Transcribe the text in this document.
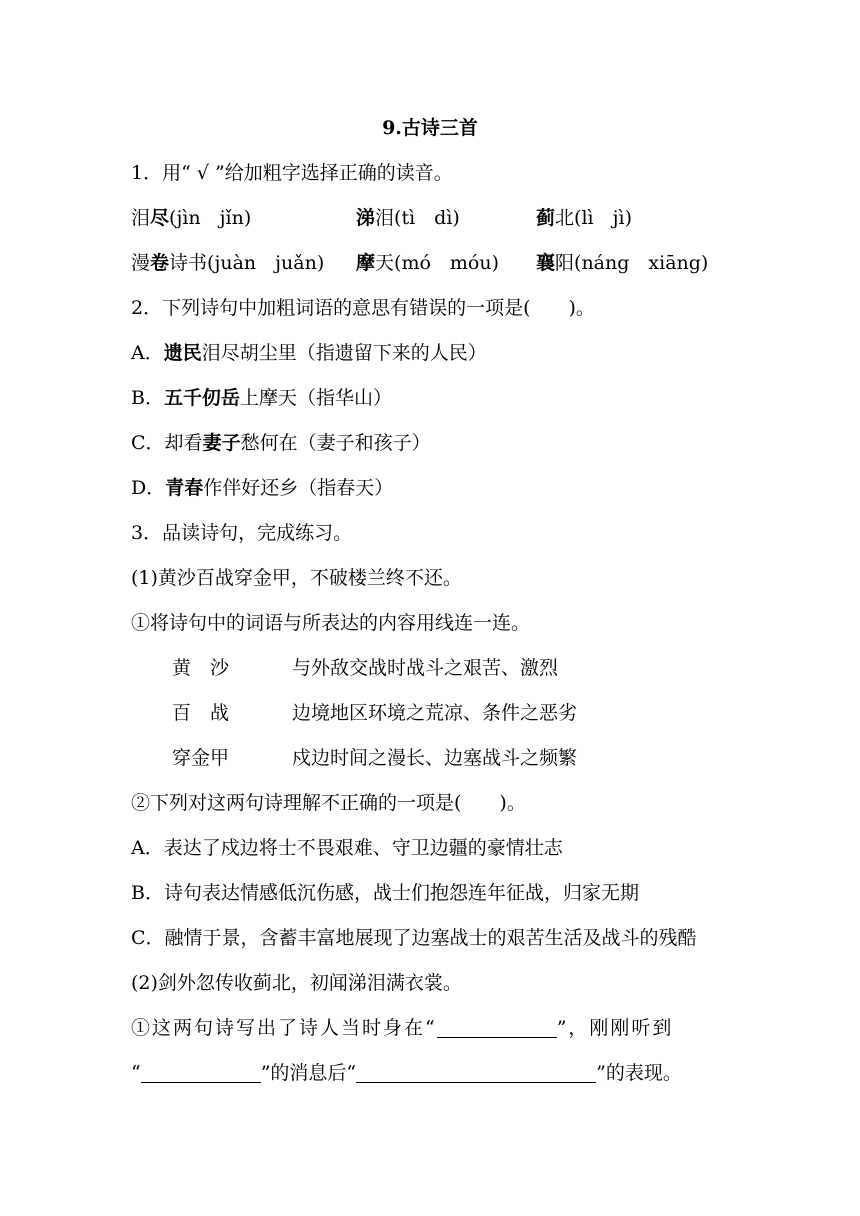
9.古诗三首
1．用“ √ ”给加粗字选择正确的读音。
泪尽(jìn　jǐn)	涕泪(tì　dì)	蓟北(lì　jì)
漫卷诗书(juàn　juǎn) 摩天(mó　móu) 襄阳(náng　xiāng)
2．下列诗句中加粗词语的意思有错误的一项是(　　)。
A．遗民泪尽胡尘里（指遗留下来的人民）
B．五千仞岳上摩天（指华山）
C．却看妻子愁何在（妻子和孩子）
D．青春作伴好还乡（指春天）
3．品读诗句，完成练习。
(1)黄沙百战穿金甲，不破楼兰终不还。
①将诗句中的词语与所表达的内容用线连一连。
黄　沙	与外敌交战时战斗之艰苦、激烈
百　战	边境地区环境之荒凉、条件之恶劣
穿金甲	戍边时间之漫长、边塞战斗之频繁
②下列对这两句诗理解不正确的一项是(　　)。
A．表达了戍边将士不畏艰难、守卫边疆的豪情壮志
B．诗句表达情感低沉伤感，战士们抱怨连年征战，归家无期
C．融情于景，含蓄丰富地展现了边塞战士的艰苦生活及战斗的残酷
(2)剑外忽传收蓟北，初闻涕泪满衣裳。
①这两句诗写出了诗人当时身在“	”，刚刚听到
“	”的消息后“	”的表现。
